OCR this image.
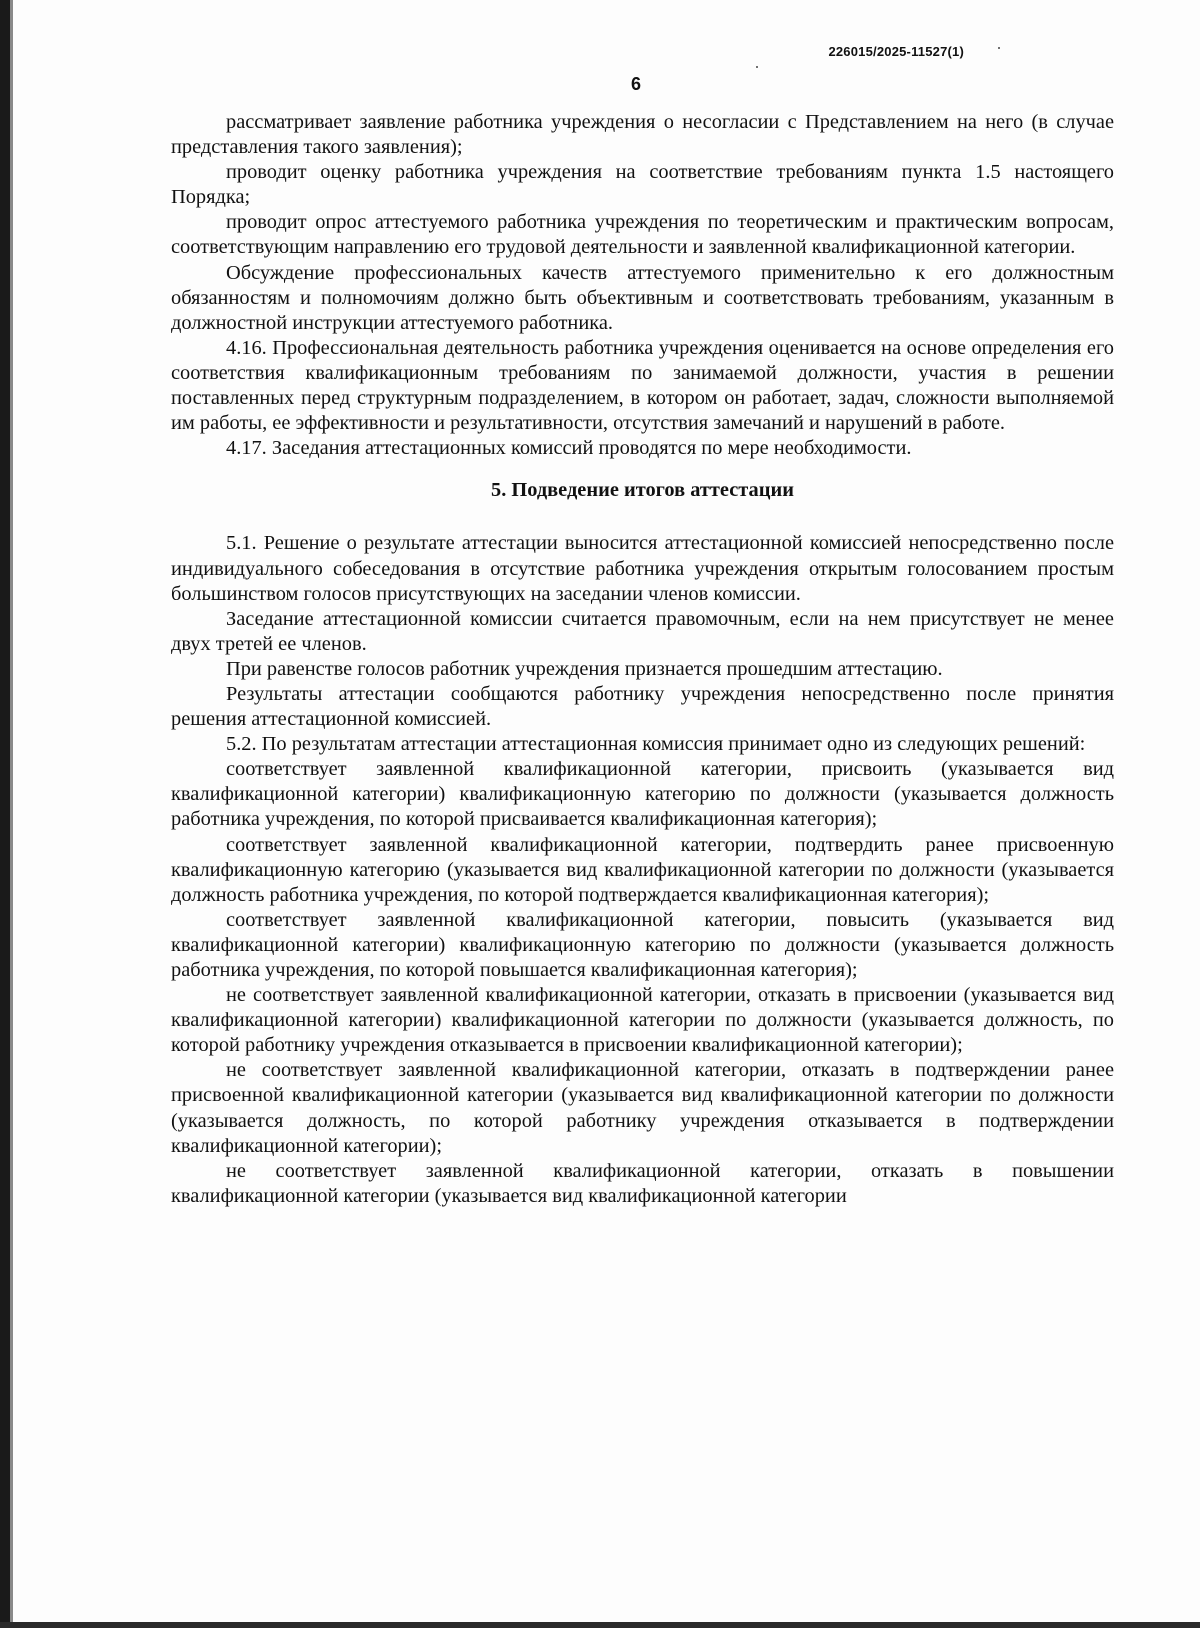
226015/2025-11527(1)
6

рассматривает заявление работника учреждения о несогласии с Представлением на него (в случае представления такого заявления);

проводит оценку работника учреждения на соответствие требованиям пункта 1.5 настоящего Порядка;

проводит опрос аттестуемого работника учреждения по теоретическим и практическим вопросам, соответствующим направлению его трудовой деятельности и заявленной квалификационной категории.

Обсуждение профессиональных качеств аттестуемого применительно к его должностным обязанностям и полномочиям должно быть объективным и соответствовать требованиям, указанным в должностной инструкции аттестуемого работника.

4.16. Профессиональная деятельность работника учреждения оценивается на основе определения его соответствия квалификационным требованиям по занимаемой должности, участия в решении поставленных перед структурным подразделением, в котором он работает, задач, сложности выполняемой им работы, ее эффективности и результативности, отсутствия замечаний и нарушений в работе.

4.17. Заседания аттестационных комиссий проводятся по мере необходимости.

5. Подведение итогов аттестации

5.1. Решение о результате аттестации выносится аттестационной комиссией непосредственно после индивидуального собеседования в отсутствие работника учреждения открытым голосованием простым большинством голосов присутствующих на заседании членов комиссии.

Заседание аттестационной комиссии считается правомочным, если на нем присутствует не менее двух третей ее членов.

При равенстве голосов работник учреждения признается прошедшим аттестацию.

Результаты аттестации сообщаются работнику учреждения непосредственно после принятия решения аттестационной комиссией.

5.2. По результатам аттестации аттестационная комиссия принимает одно из следующих решений:

соответствует заявленной квалификационной категории, присвоить (указывается вид квалификационной категории) квалификационную категорию по должности (указывается должность работника учреждения, по которой присваивается квалификационная категория);

соответствует заявленной квалификационной категории, подтвердить ранее присвоенную квалификационную категорию (указывается вид квалификационной категории по должности (указывается должность работника учреждения, по которой подтверждается квалификационная категория);

соответствует заявленной квалификационной категории, повысить (указывается вид квалификационной категории) квалификационную категорию по должности (указывается должность работника учреждения, по которой повышается квалификационная категория);

не соответствует заявленной квалификационной категории, отказать в присвоении (указывается вид квалификационной категории) квалификационной категории по должности (указывается должность, по которой работнику учреждения отказывается в присвоении квалификационной категории);

не соответствует заявленной квалификационной категории, отказать в подтверждении ранее присвоенной квалификационной категории (указывается вид квалификационной категории по должности (указывается должность, по которой работнику учреждения отказывается в подтверждении квалификационной категории);

не соответствует заявленной квалификационной категории, отказать в повышении квалификационной категории (указывается вид квалификационной категории
